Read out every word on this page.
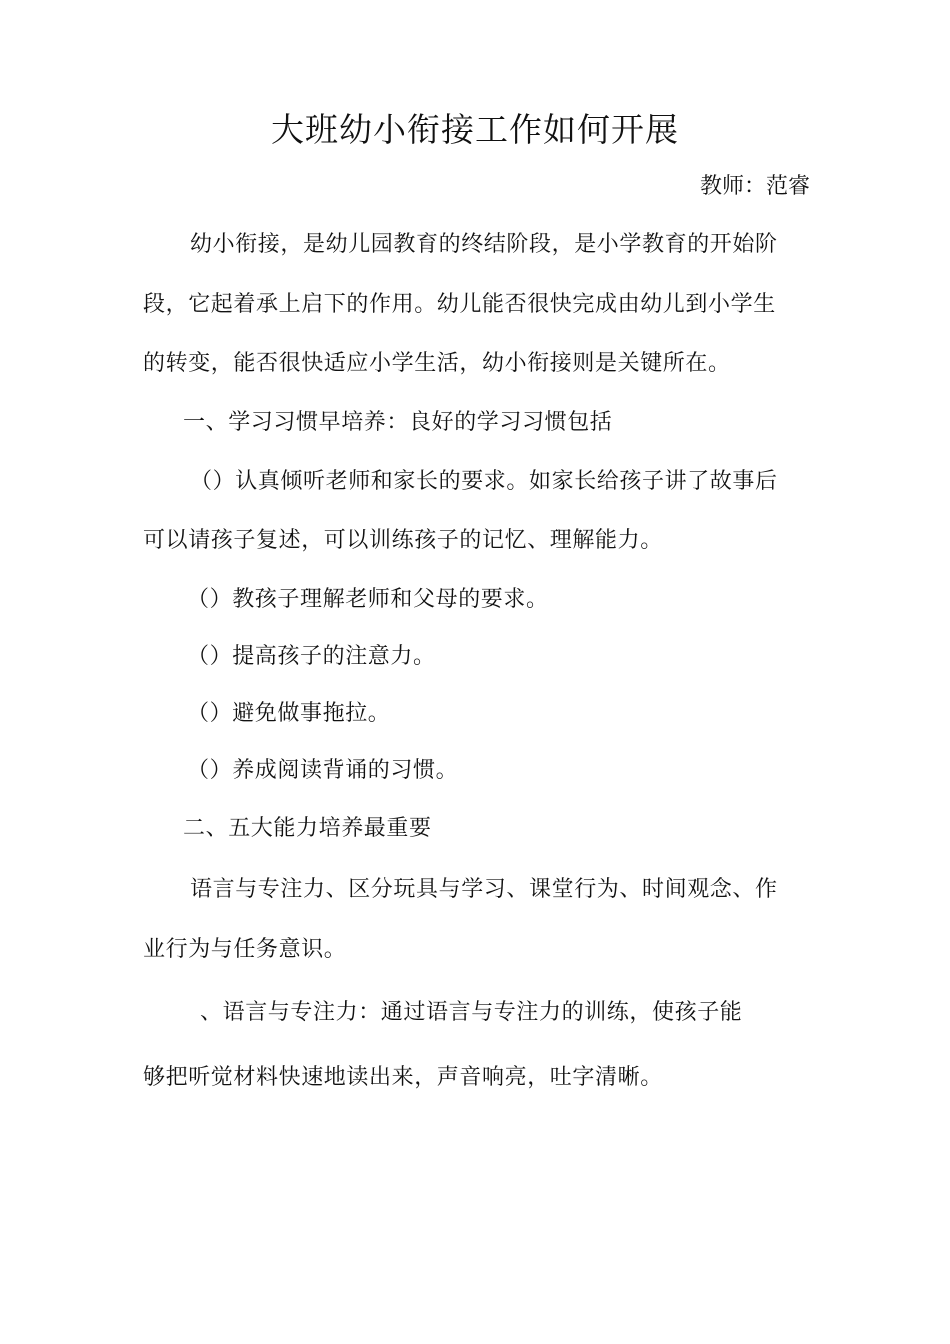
大班幼小衔接工作如何开展
教师：范睿
幼小衔接，是幼儿园教育的终结阶段，是小学教育的开始阶
段，它起着承上启下的作用。幼儿能否很快完成由幼儿到小学生
的转变，能否很快适应小学生活，幼小衔接则是关键所在。
一、学习习惯早培养：良好的学习习惯包括
（）认真倾听老师和家长的要求。如家长给孩子讲了故事后
可以请孩子复述，可以训练孩子的记忆、理解能力。
（）教孩子理解老师和父母的要求。
（）提高孩子的注意力。
（）避免做事拖拉。
（）养成阅读背诵的习惯。
二、五大能力培养最重要
语言与专注力、区分玩具与学习、课堂行为、时间观念、作
业行为与任务意识。
、语言与专注力：通过语言与专注力的训练，使孩子能
够把听觉材料快速地读出来，声音响亮，吐字清晰。
